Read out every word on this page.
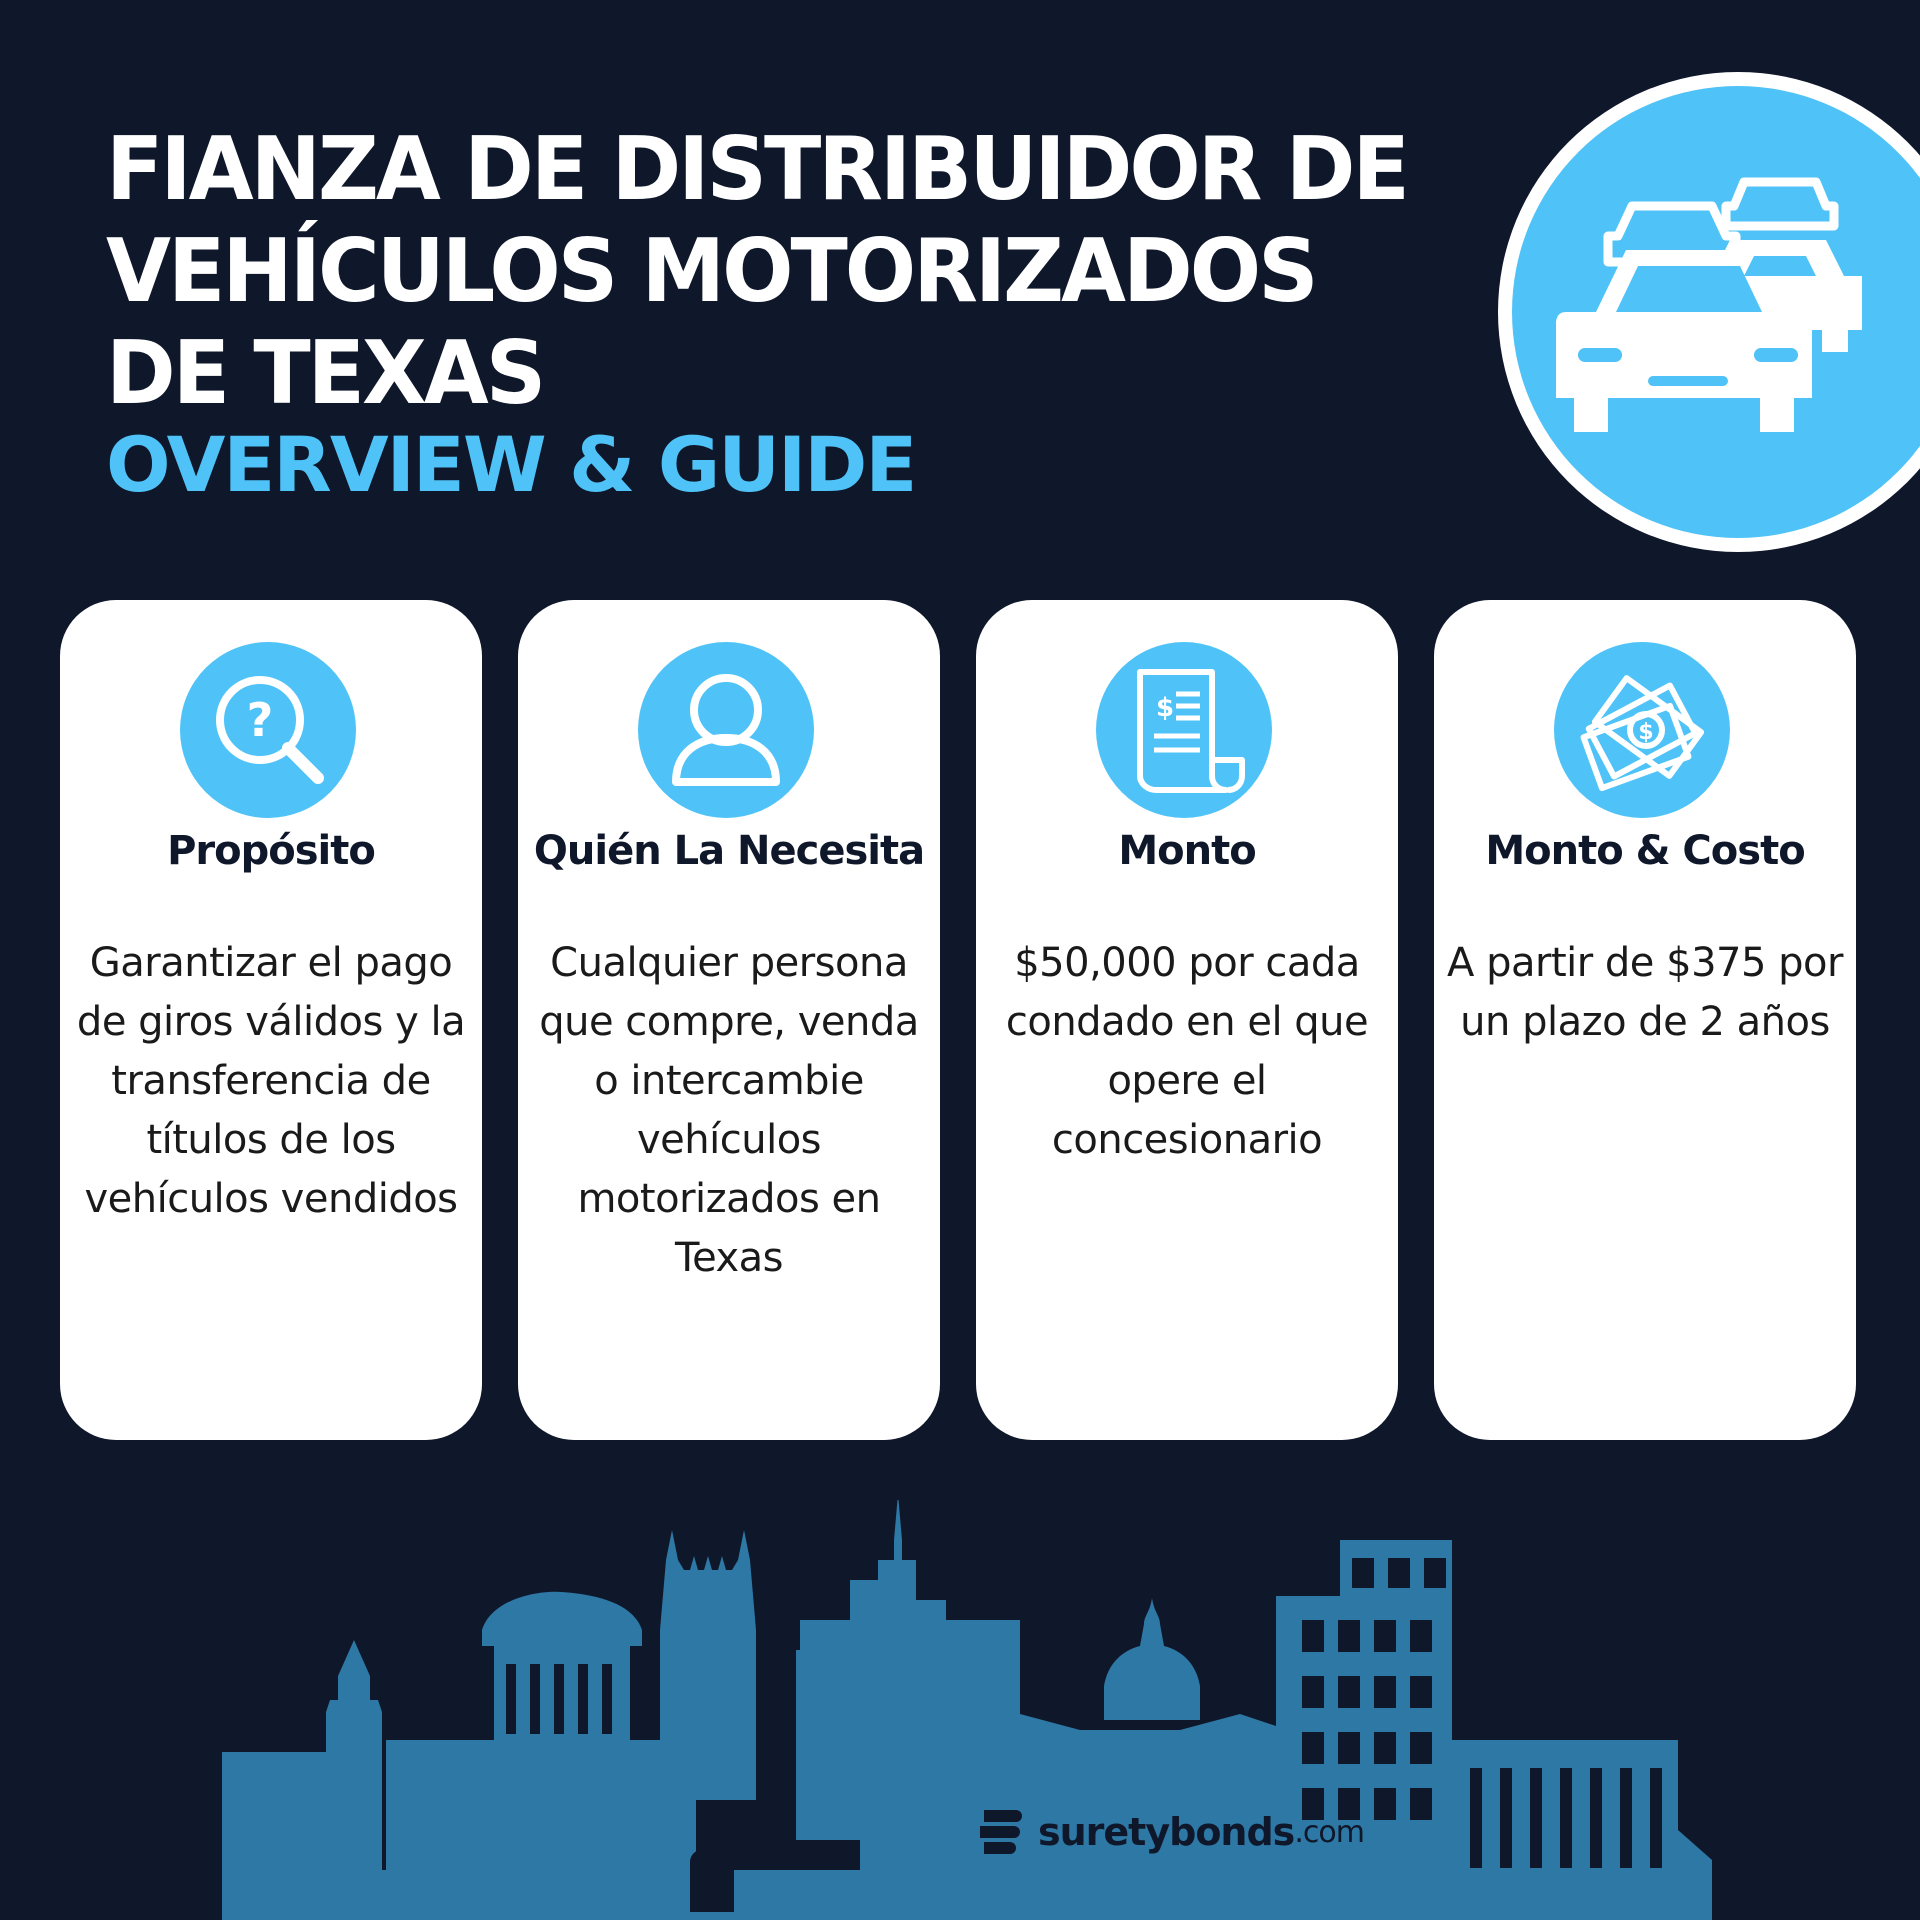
FIANZA DE DISTRIBUIDOR DE
VEHÍCULOS MOTORIZADOS
DE TEXAS
OVERVIEW & GUIDE
?
Propósito

Garantizar el pago de giros válidos y la transferencia de títulos de los vehículos vendidos

Quién La Necesita

Cualquier persona que compre, venda o intercambie vehículos motorizados en Texas

$
Monto

$50,000 por cada condado en el que opere el concesionario

$
Monto & Costo

A partir de $375 por un plazo de 2 años

suretybonds .com
